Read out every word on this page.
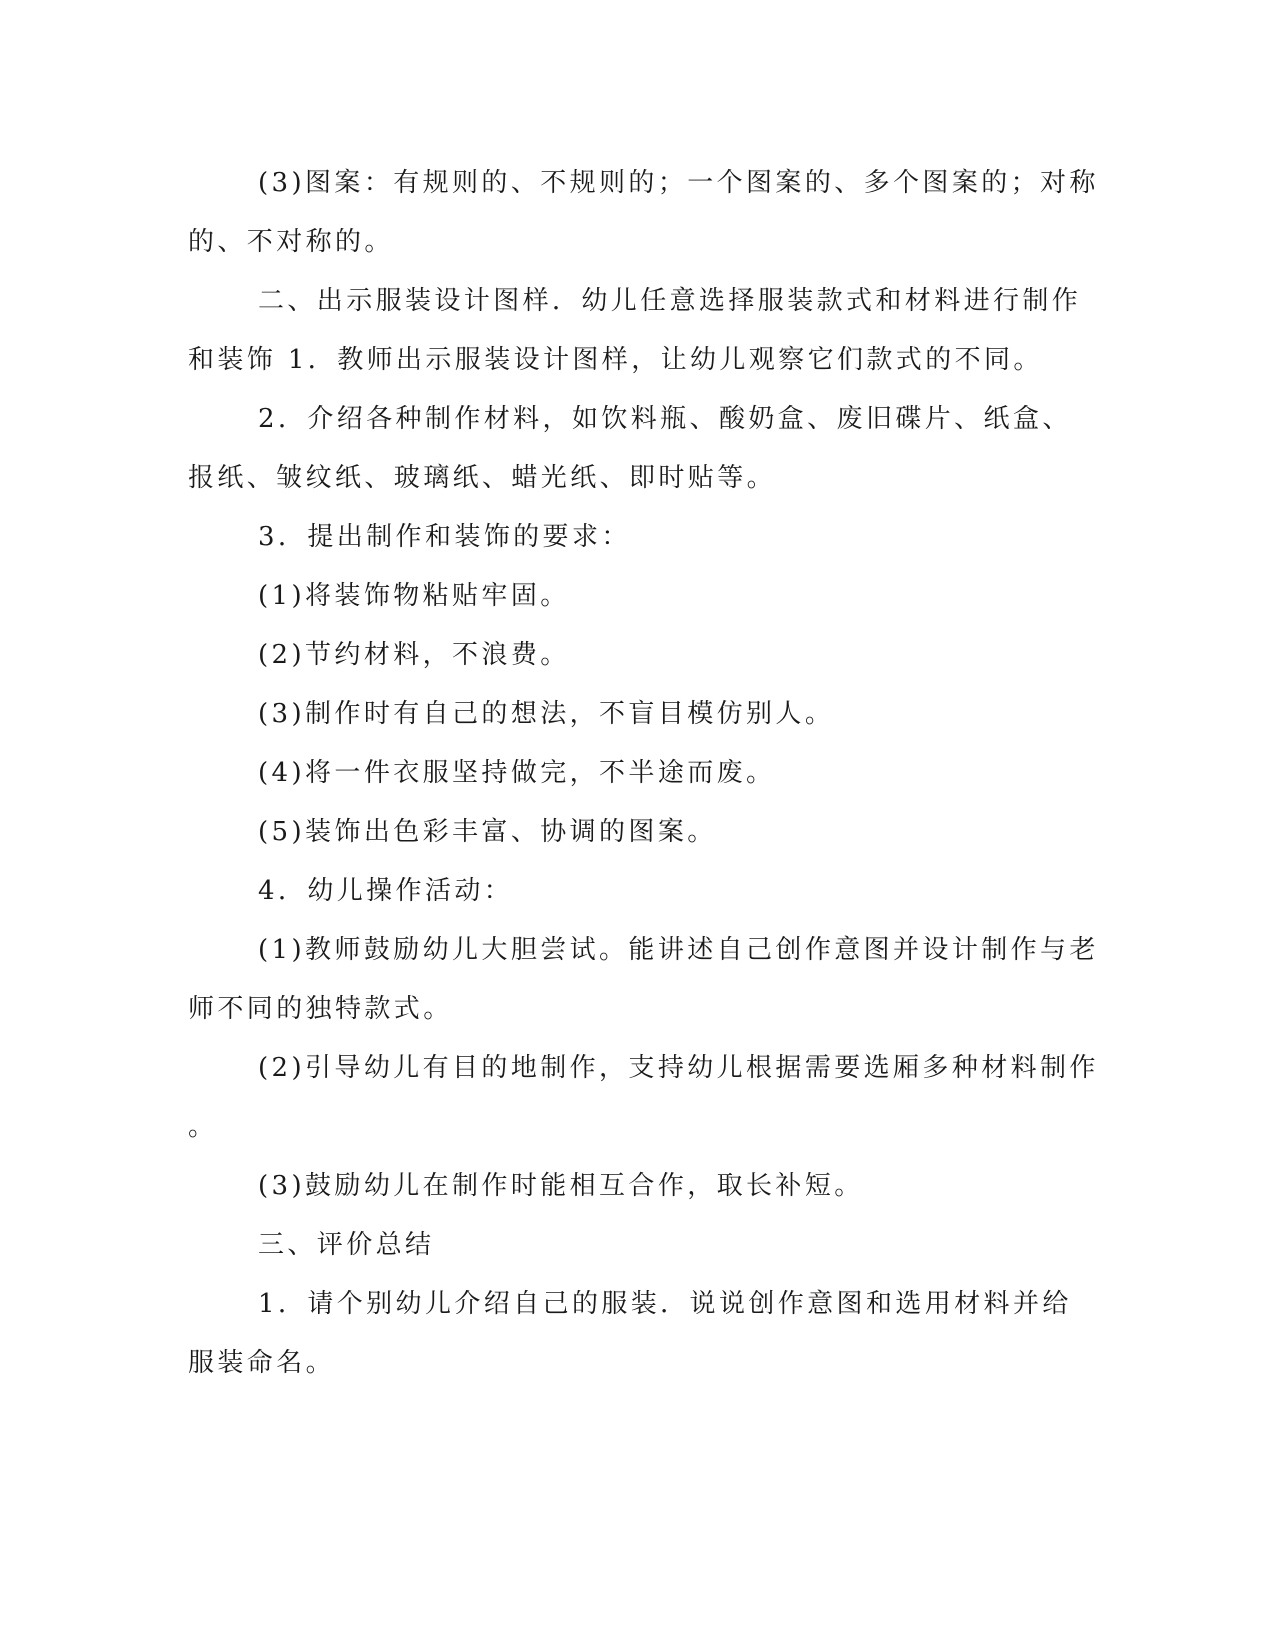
(3)图案：有规则的、不规则的；一个图案的、多个图案的；对称
的、不对称的。
二、出示服装设计图样．幼儿任意选择服装款式和材料进行制作
和装饰 1．教师出示服装设计图样，让幼儿观察它们款式的不同。
2．介绍各种制作材料，如饮料瓶、酸奶盒、废旧碟片、纸盒、
报纸、皱纹纸、玻璃纸、蜡光纸、即时贴等。
3．提出制作和装饰的要求：
(1)将装饰物粘贴牢固。
(2)节约材料，不浪费。
(3)制作时有自己的想法，不盲目模仿别人。
(4)将一件衣服坚持做完，不半途而废。
(5)装饰出色彩丰富、协调的图案。
4．幼儿操作活动：
(1)教师鼓励幼儿大胆尝试。能讲述自己创作意图并设计制作与老
师不同的独特款式。
(2)引导幼儿有目的地制作，支持幼儿根据需要选厢多种材料制作
。
(3)鼓励幼儿在制作时能相互合作，取长补短。
三、评价总结
1．请个别幼儿介绍自己的服装．说说创作意图和选用材料并给
服装命名。
